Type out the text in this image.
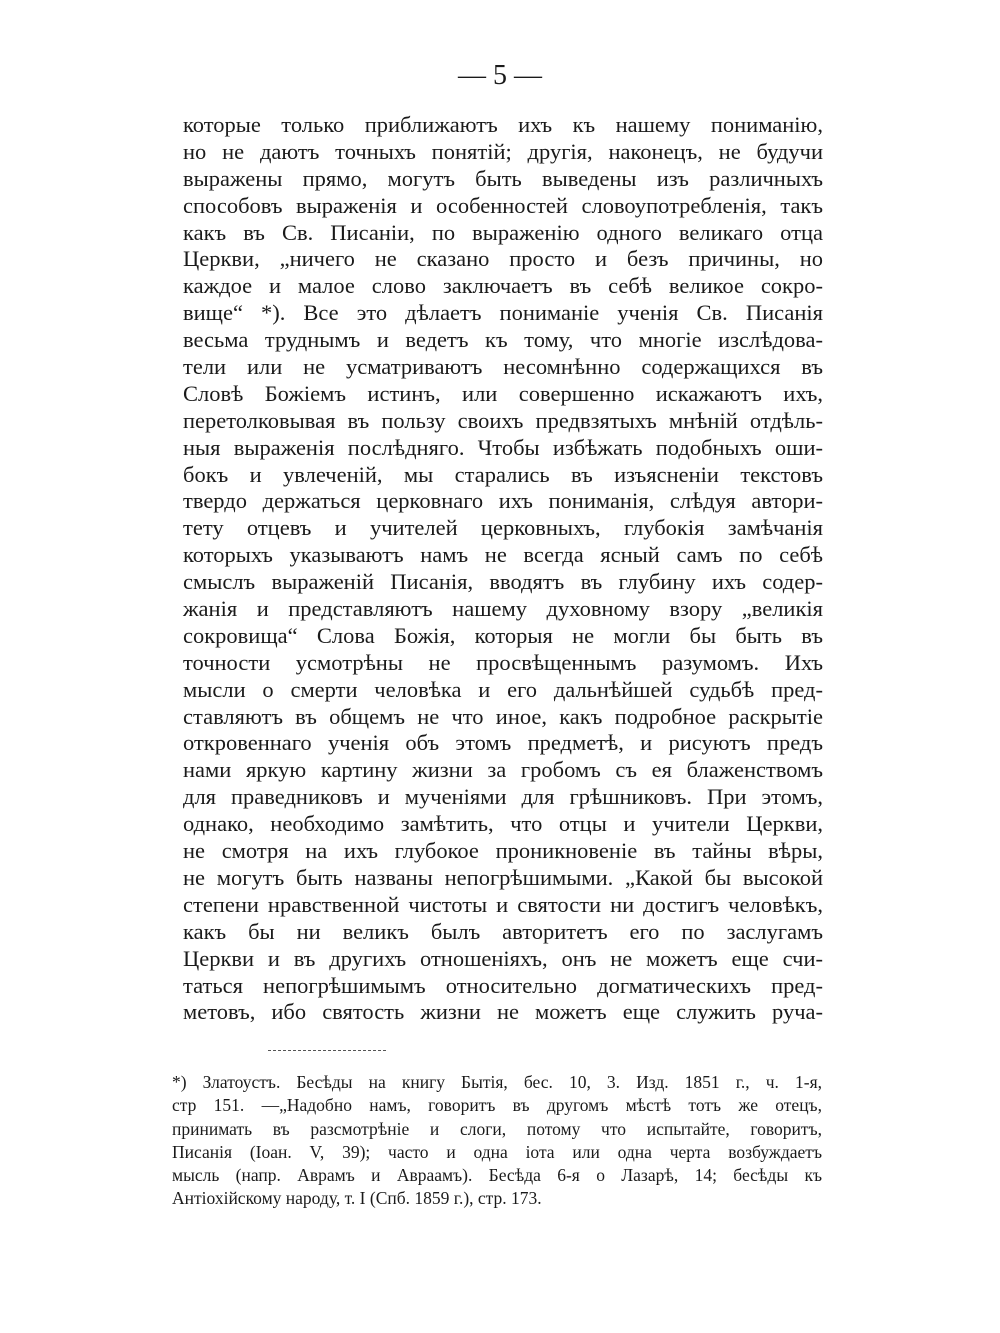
— 5 —
которые только приближаютъ ихъ къ нашему пониманію,
но не даютъ точныхъ понятій; другія, наконецъ, не будучи
выражены прямо, могутъ быть выведены изъ различныхъ
способовъ выраженія и особенностей словоупотребленія, такъ
какъ въ Св. Писаніи, по выраженію одного великаго отца
Церкви, „ничего не сказано просто и безъ причины, но
каждое и малое слово заключаетъ въ себѣ великое сокро-
вище“ *). Все это дѣлаетъ пониманіе ученія Св. Писанія
весьма труднымъ и ведетъ къ тому, что многіе изслѣдова-
тели или не усматриваютъ несомнѣнно содержащихся въ
Словѣ Божіемъ истинъ, или совершенно искажаютъ ихъ,
перетолковывая въ пользу своихъ предвзятыхъ мнѣній отдѣль-
ныя выраженія послѣдняго. Чтобы избѣжать подобныхъ оши-
бокъ и увлеченій, мы старались въ изъясненіи текстовъ
твердо держаться церковнаго ихъ пониманія, слѣдуя автори-
тету отцевъ и учителей церковныхъ, глубокія замѣчанія
которыхъ указываютъ намъ не всегда ясный самъ по себѣ
смыслъ выраженій Писанія, вводятъ въ глубину ихъ содер-
жанія и представляютъ нашему духовному взору „великія
сокровища“ Слова Божія, которыя не могли бы быть въ
точности усмотрѣны не просвѣщеннымъ разумомъ. Ихъ
мысли о смерти человѣка и его дальнѣйшей судьбѣ пред-
ставляютъ въ общемъ не что иное, какъ подробное раскрытіе
откровеннаго ученія объ этомъ предметѣ, и рисуютъ предъ
нами яркую картину жизни за гробомъ съ ея блаженствомъ
для праведниковъ и мученіями для грѣшниковъ. При этомъ,
однако, необходимо замѣтить, что отцы и учители Церкви,
не смотря на ихъ глубокое проникновеніе въ тайны вѣры,
не могутъ быть названы непогрѣшимыми. „Какой бы высокой
степени нравственной чистоты и святости ни достигъ человѣкъ,
какъ бы ни великъ былъ авторитетъ его по заслугамъ
Церкви и въ другихъ отношеніяхъ, онъ не можетъ еще счи-
таться непогрѣшимымъ относительно догматическихъ пред-
метовъ, ибо святость жизни не можетъ еще служить руча-
*) Златоустъ. Бесѣды на книгу Бытія, бес. 10, 3. Изд. 1851 г., ч. 1-я,
стр 151. —„Надобно намъ, говоритъ въ другомъ мѣстѣ тотъ же отецъ,
принимать въ разсмотрѣніе и слоги, потому что испытайте, говоритъ,
Писанія (Іоан. V, 39); часто и одна іота или одна черта возбуждаетъ
мысль (напр. Аврамъ и Авраамъ). Бесѣда 6-я о Лазарѣ, 14; бесѣды къ
Антіохійскому народу, т. I (Спб. 1859 г.), стр. 173.
